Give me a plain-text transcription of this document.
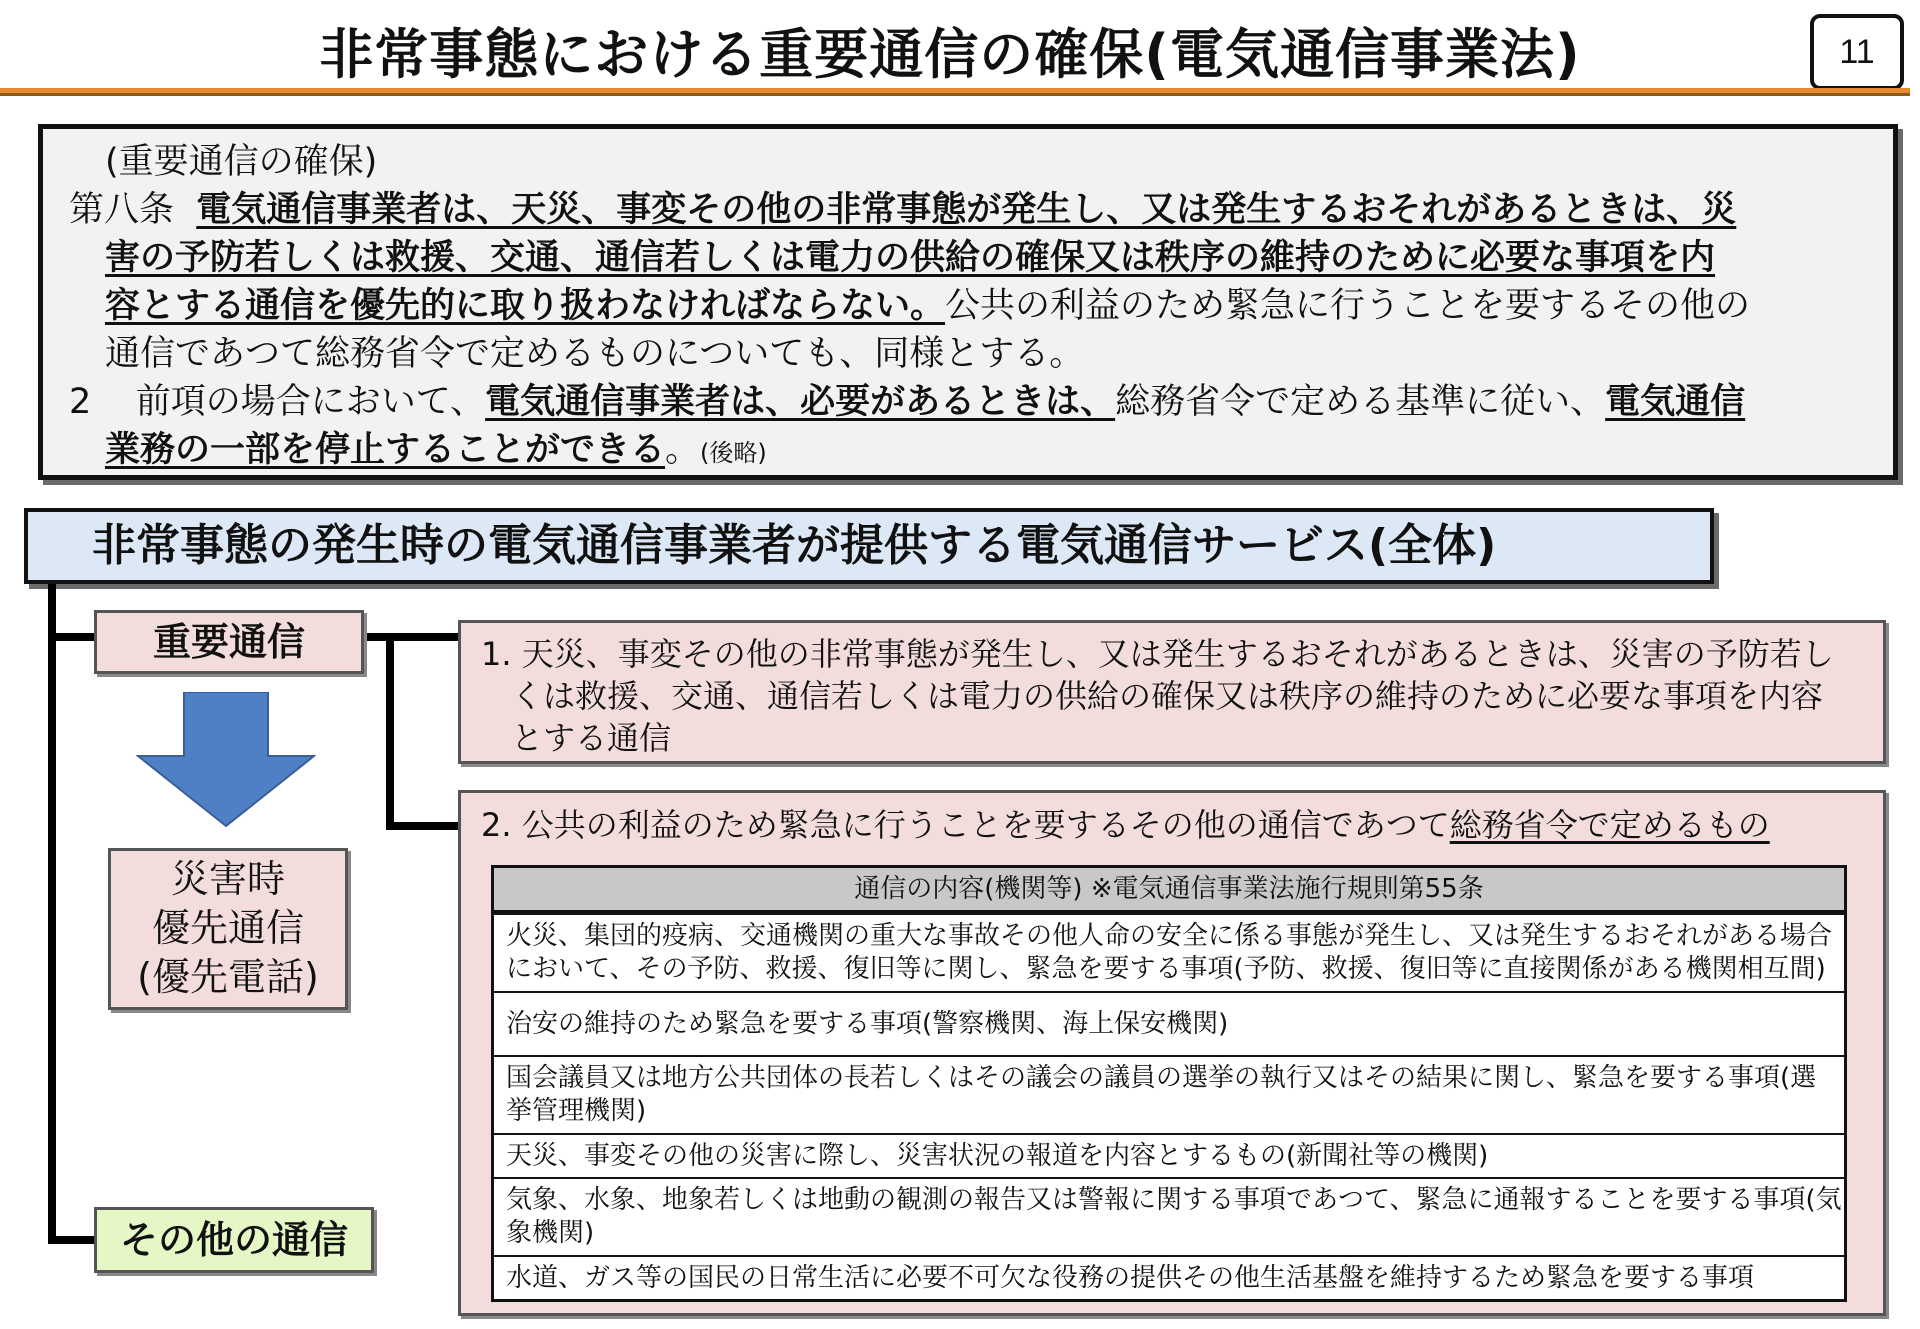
非常事態における重要通信の確保(電気通信事業法)	11
(重要通信の確保)
第八条 電気通信事業者は、天災、事変その他の非常事態が発生し、又は発生するおそれがあるときは、災
害の予防若しくは救援、交通、通信若しくは電力の供給の確保又は秩序の維持のために必要な事項を内
容とする通信を優先的に取り扱わなければならない。公共の利益のため緊急に行うことを要するその他の
通信であつて総務省令で定めるものについても、同様とする。
2 前項の場合において、電気通信事業者は、必要があるときは、総務省令で定める基準に従い、電気通信
業務の一部を停止することができる。(後略)
非常事態の発生時の電気通信事業者が提供する電気通信サービス(全体)
重要通信
災害時
優先通信
(優先電話)
その他の通信
1. 天災、事変その他の非常事態が発生し、又は発生するおそれがあるときは、災害の予防若し
くは救援、交通、通信若しくは電力の供給の確保又は秩序の維持のために必要な事項を内容
とする通信
2. 公共の利益のため緊急に行うことを要するその他の通信であつて総務省令で定めるもの
通信の内容(機関等) ※電気通信事業法施行規則第55条
火災、集団的疫病、交通機関の重大な事故その他人命の安全に係る事態が発生し、又は発生するおそれがある場合
において、その予防、救援、復旧等に関し、緊急を要する事項(予防、救援、復旧等に直接関係がある機関相互間)
治安の維持のため緊急を要する事項(警察機関、海上保安機関)
国会議員又は地方公共団体の長若しくはその議会の議員の選挙の執行又はその結果に関し、緊急を要する事項(選
挙管理機関)
天災、事変その他の災害に際し、災害状況の報道を内容とするもの(新聞社等の機関)
気象、水象、地象若しくは地動の観測の報告又は警報に関する事項であつて、緊急に通報することを要する事項(気
象機関)
水道、ガス等の国民の日常生活に必要不可欠な役務の提供その他生活基盤を維持するため緊急を要する事項
